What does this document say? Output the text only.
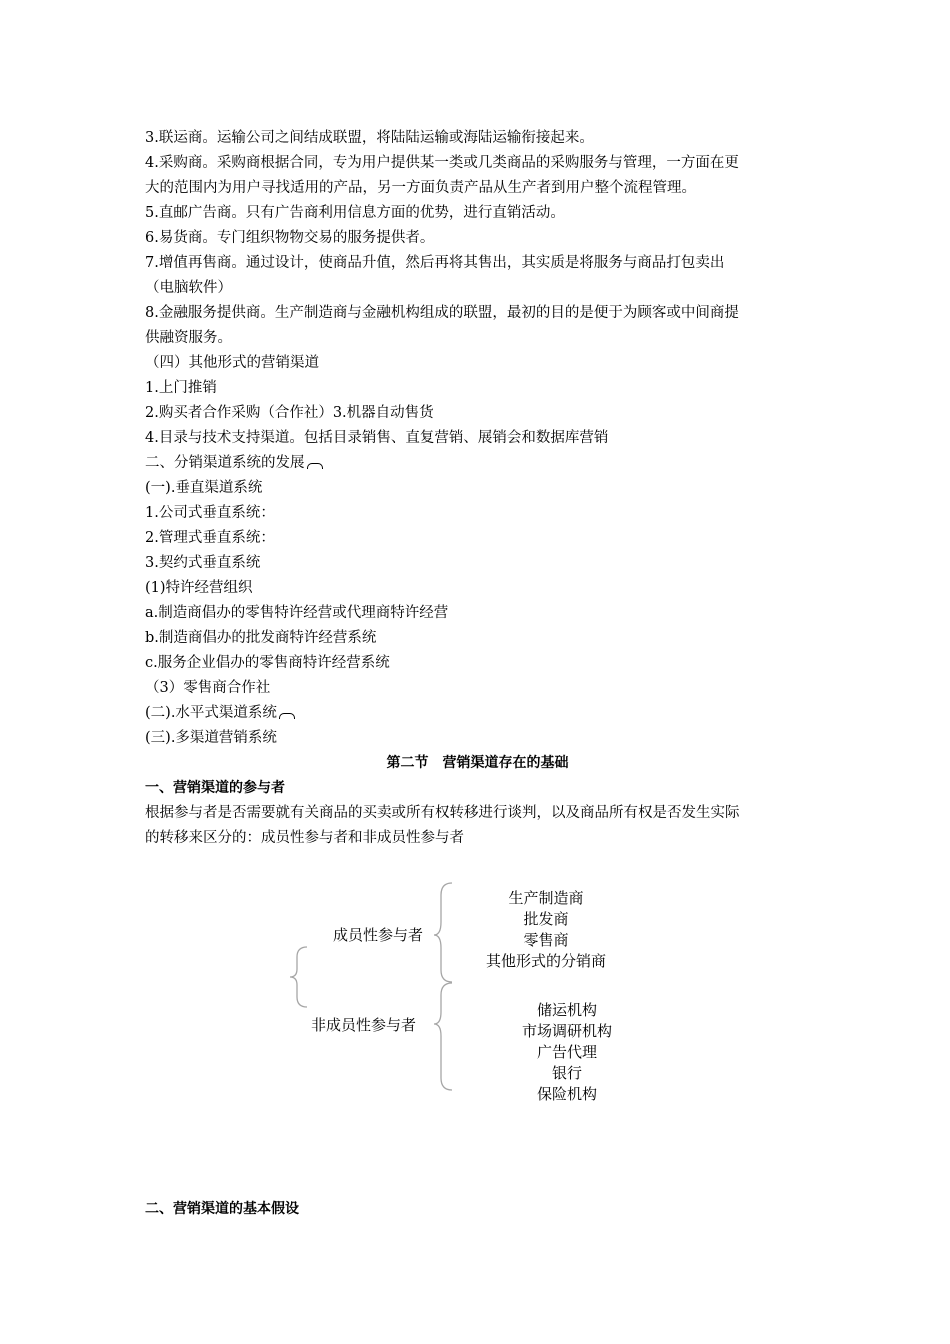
3.联运商。运输公司之间结成联盟，将陆陆运输或海陆运输衔接起来。

4.采购商。采购商根据合同，专为用户提供某一类或几类商品的采购服务与管理，一方面在更

大的范围内为用户寻找适用的产品，另一方面负责产品从生产者到用户整个流程管理。

5.直邮广告商。只有广告商利用信息方面的优势，进行直销活动。

6.易货商。专门组织物物交易的服务提供者。

7.增值再售商。通过设计，使商品升值，然后再将其售出，其实质是将服务与商品打包卖出

（电脑软件）

8.金融服务提供商。生产制造商与金融机构组成的联盟，最初的目的是便于为顾客或中间商提

供融资服务。

（四）其他形式的营销渠道

1.上门推销

2.购买者合作采购（合作社）3.机器自动售货

4.目录与技术支持渠道。包括目录销售、直复营销、展销会和数据库营销

二、分销渠道系统的发展

(一).垂直渠道系统

1.公司式垂直系统：

2.管理式垂直系统：

3.契约式垂直系统

(1)特许经营组织

a.制造商倡办的零售特许经营或代理商特许经营

b.制造商倡办的批发商特许经营系统

c.服务企业倡办的零售商特许经营系统

（3）零售商合作社

(二).水平式渠道系统

(三).多渠道营销系统

第二节　营销渠道存在的基础

一、营销渠道的参与者

根据参与者是否需要就有关商品的买卖或所有权转移进行谈判，以及商品所有权是否发生实际

的转移来区分的：成员性参与者和非成员性参与者

成员性参与者
非成员性参与者
生产制造商
批发商
零售商
其他形式的分销商
储运机构
市场调研机构
广告代理
银行
保险机构
二、营销渠道的基本假设
